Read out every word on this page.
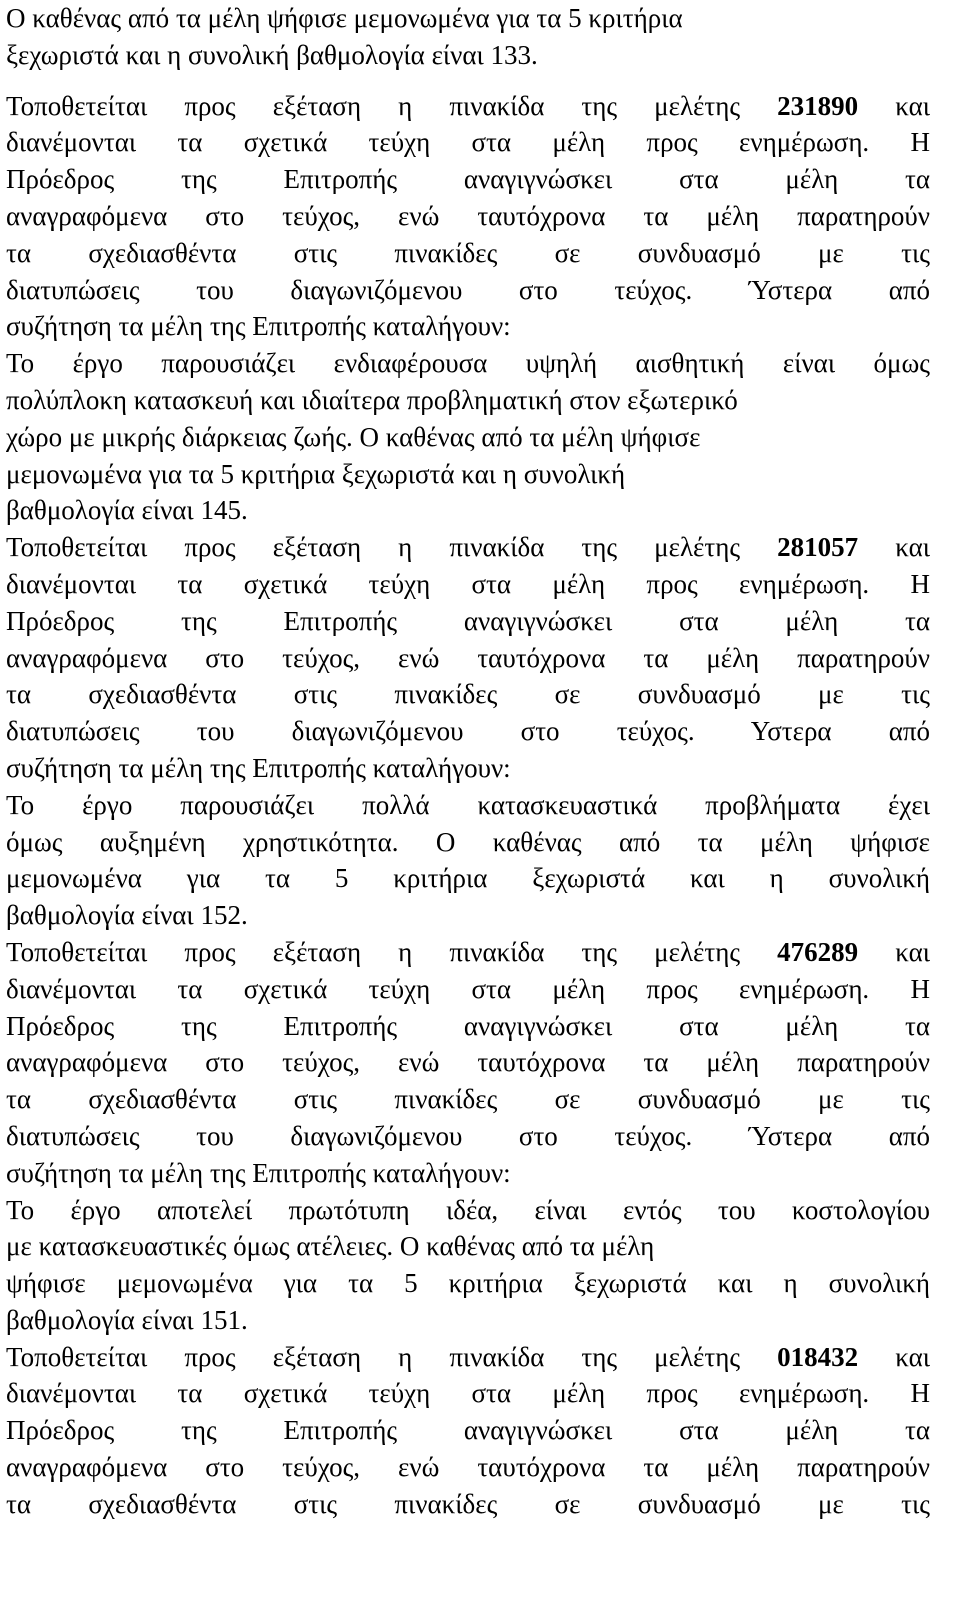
Ο καθένας από τα μέλη ψήφισε μεμονωμένα για τα 5 κριτήρια
ξεχωριστά και η συνολική βαθμολογία είναι 133.
Τοποθετείται προς εξέταση η πινακίδα της μελέτης 231890 και
διανέμονται τα σχετικά τεύχη στα μέλη προς ενημέρωση. Η
Πρόεδρος της Επιτροπής αναγιγνώσκει στα μέλη τα
αναγραφόμενα στο τεύχος, ενώ ταυτόχρονα τα μέλη παρατηρούν
τα σχεδιασθέντα στις πινακίδες σε συνδυασμό με τις
διατυπώσεις του διαγωνιζόμενου στο τεύχος. Ύστερα από
συζήτηση τα μέλη της Επιτροπής καταλήγουν:
Το έργο παρουσιάζει ενδιαφέρουσα υψηλή αισθητική είναι όμως
πολύπλοκη κατασκευή και ιδιαίτερα προβληματική στον εξωτερικό
χώρο με μικρής διάρκειας ζωής. Ο καθένας από τα μέλη ψήφισε
μεμονωμένα για τα 5 κριτήρια ξεχωριστά και η συνολική
βαθμολογία είναι 145.
Τοποθετείται προς εξέταση η πινακίδα της μελέτης 281057 και
διανέμονται τα σχετικά τεύχη στα μέλη προς ενημέρωση. Η
Πρόεδρος της Επιτροπής αναγιγνώσκει στα μέλη τα
αναγραφόμενα στο τεύχος, ενώ ταυτόχρονα τα μέλη παρατηρούν
τα σχεδιασθέντα στις πινακίδες σε συνδυασμό με τις
διατυπώσεις του διαγωνιζόμενου στο τεύχος. Υστερα από
συζήτηση τα μέλη της Επιτροπής καταλήγουν:
Το έργο παρουσιάζει πολλά κατασκευαστικά προβλήματα έχει
όμως αυξημένη χρηστικότητα. Ο καθένας από τα μέλη ψήφισε
μεμονωμένα για τα 5 κριτήρια ξεχωριστά και η συνολική
βαθμολογία είναι 152.
Τοποθετείται προς εξέταση η πινακίδα της μελέτης 476289 και
διανέμονται τα σχετικά τεύχη στα μέλη προς ενημέρωση. Η
Πρόεδρος της Επιτροπής αναγιγνώσκει στα μέλη τα
αναγραφόμενα στο τεύχος, ενώ ταυτόχρονα τα μέλη παρατηρούν
τα σχεδιασθέντα στις πινακίδες σε συνδυασμό με τις
διατυπώσεις του διαγωνιζόμενου στο τεύχος. Ύστερα από
συζήτηση τα μέλη της Επιτροπής καταλήγουν:
Το έργο αποτελεί πρωτότυπη ιδέα, είναι εντός του κοστολογίου
με κατασκευαστικές όμως ατέλειες. Ο καθένας από τα μέλη
ψήφισε μεμονωμένα για τα 5 κριτήρια ξεχωριστά και η συνολική
βαθμολογία είναι 151.
Τοποθετείται προς εξέταση η πινακίδα της μελέτης 018432 και
διανέμονται τα σχετικά τεύχη στα μέλη προς ενημέρωση. Η
Πρόεδρος της Επιτροπής αναγιγνώσκει στα μέλη τα
αναγραφόμενα στο τεύχος, ενώ ταυτόχρονα τα μέλη παρατηρούν
τα σχεδιασθέντα στις πινακίδες σε συνδυασμό με τις
